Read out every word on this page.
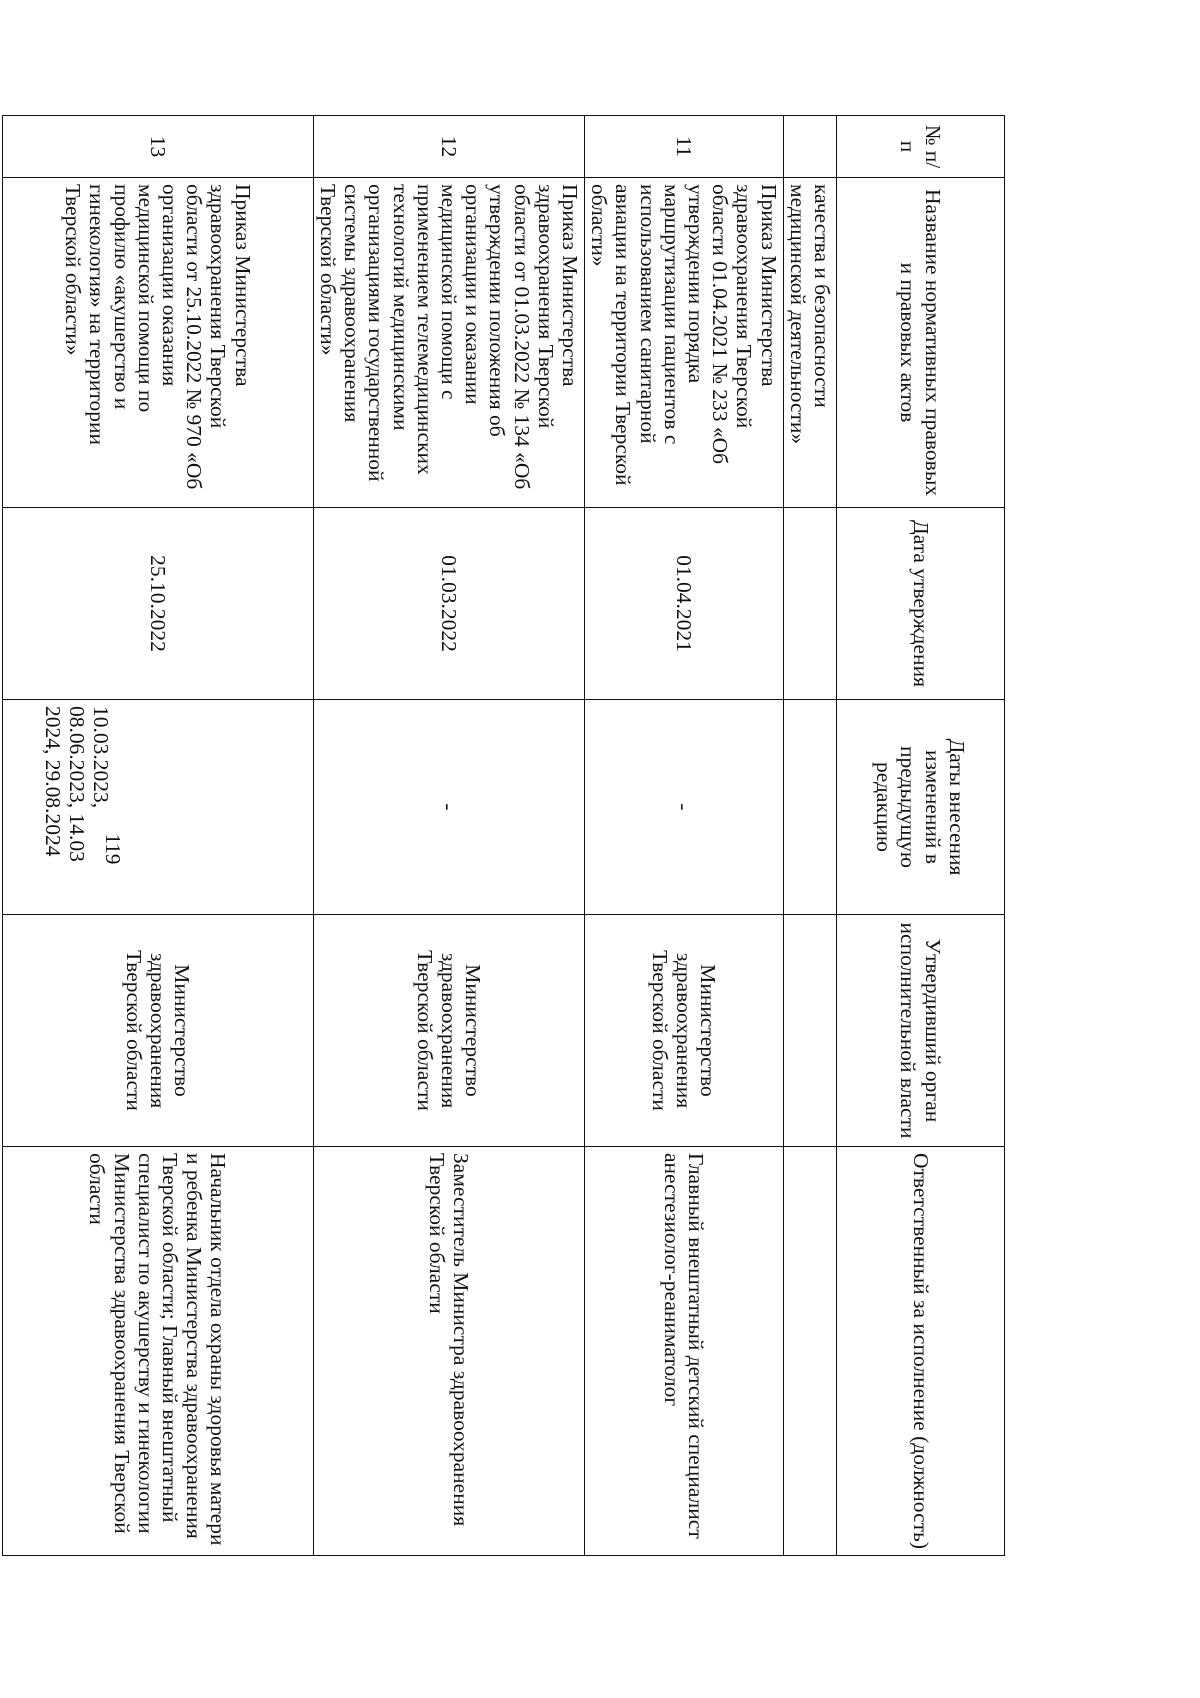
119
№ п/п	Название нормативных правовых и правовых актов	Дата утверждения	Даты внесения изменений в предыдущую редакцию	Утвердивший орган исполнительной власти	Ответственный за исполнение (должность)
	качества и безопасности медицинской деятельности»				
11	Приказ Министерства здравоохранения Тверской области 01.04.2021 № 233 «Об утверждении порядка маршрутизации пациентов с использованием санитарной авиации на территории Тверской области»	01.04.2021	-	Министерство здравоохранения Тверской области	Главный внештатный детский специалист анестезиолог-реаниматолог
12	Приказ Министерства здравоохранения Тверской области от 01.03.2022 № 134 «Об утверждении положения об организации и оказании медицинской помощи с применением телемедицинских технологий медицинскими организациями государственной системы здравоохранения Тверской области»	01.03.2022	-	Министерство здравоохранения Тверской области	Заместитель Министра здравоохранения Тверской области
13	Приказ Министерства здравоохранения Тверской области от 25.10.2022 № 970 «Об организации оказания медицинской помощи по профилю «акушерство и гинекология» на территории Тверской области»	25.10.2022	10.03.2023, 08.06.2023, 14.03 2024, 29.08.2024	Министерство здравоохранения Тверской области	Начальник отдела охраны здоровья матери и ребенка Министерства здравоохранения Тверской области; Главный внештатный специалист по акушерству и гинекологии Министерства здравоохранения Тверской области
